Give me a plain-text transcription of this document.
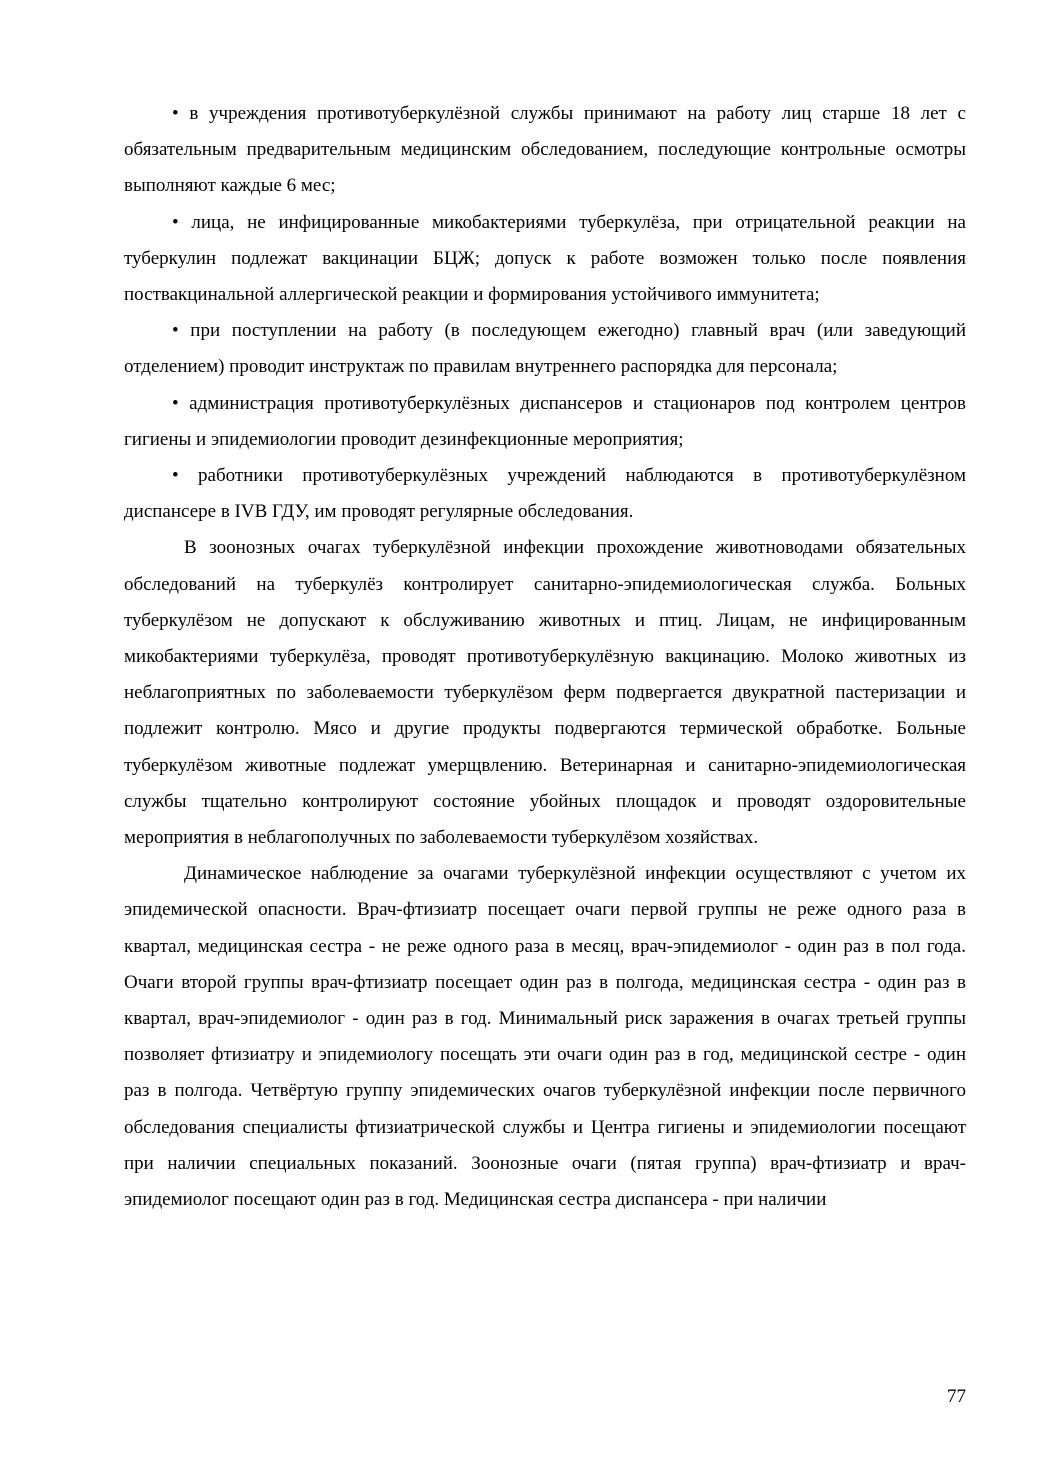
• в учреждения противотуберкулёзной службы принимают на работу лиц старше 18 лет с обязательным предварительным медицинским обследованием, последующие контрольные осмотры выполняют каждые 6 мес;

• лица, не инфицированные микобактериями туберкулёза, при отрицательной реакции на туберкулин подлежат вакцинации БЦЖ; допуск к работе возможен только после появления поствакцинальной аллергической реакции и формирования устойчивого иммунитета;

• при поступлении на работу (в последующем ежегодно) главный врач (или заведующий отделением) проводит инструктаж по правилам внутреннего распорядка для персонала;

• администрация противотуберкулёзных диспансеров и стационаров под контролем центров гигиены и эпидемиологии проводит дезинфекционные мероприятия;

• работники противотуберкулёзных учреждений наблюдаются в противотуберкулёзном диспансере в IVB ГДУ, им проводят регулярные обследования.

В зоонозных очагах туберкулёзной инфекции прохождение животноводами обязательных обследований на туберкулёз контролирует санитарно-эпидемиологическая служба. Больных туберкулёзом не допускают к обслуживанию животных и птиц. Лицам, не инфицированным микобактериями туберкулёза, проводят противотуберкулёзную вакцинацию. Молоко животных из неблагоприятных по заболеваемости туберкулёзом ферм подвергается двукратной пастеризации и подлежит контролю. Мясо и другие продукты подвергаются термической обработке. Больные туберкулёзом животные подлежат умерщвлению. Ветеринарная и санитарно-эпидемиологическая службы тщательно контролируют состояние убойных площадок и проводят оздоровительные мероприятия в неблагополучных по заболеваемости туберкулёзом хозяйствах.

Динамическое наблюдение за очагами туберкулёзной инфекции осуществляют с учетом их эпидемической опасности. Врач-фтизиатр посещает очаги первой группы не реже одного раза в квартал, медицинская сестра - не реже одного раза в месяц, врач-эпидемиолог - один раз в пол года. Очаги второй группы врач-фтизиатр посещает один раз в полгода, медицинская сестра - один раз в квартал, врач-эпидемиолог - один раз в год. Минимальный риск заражения в очагах третьей группы позволяет фтизиатру и эпидемиологу посещать эти очаги один раз в год, медицинской сестре - один раз в полгода. Четвёртую группу эпидемических очагов туберкулёзной инфекции после первичного обследования специалисты фтизиатрической службы и Центра гигиены и эпидемиологии посещают при наличии специальных показаний. Зоонозные очаги (пятая группа) врач-фтизиатр и врач-эпидемиолог посещают один раз в год. Медицинская сестра диспансера - при наличии

77
